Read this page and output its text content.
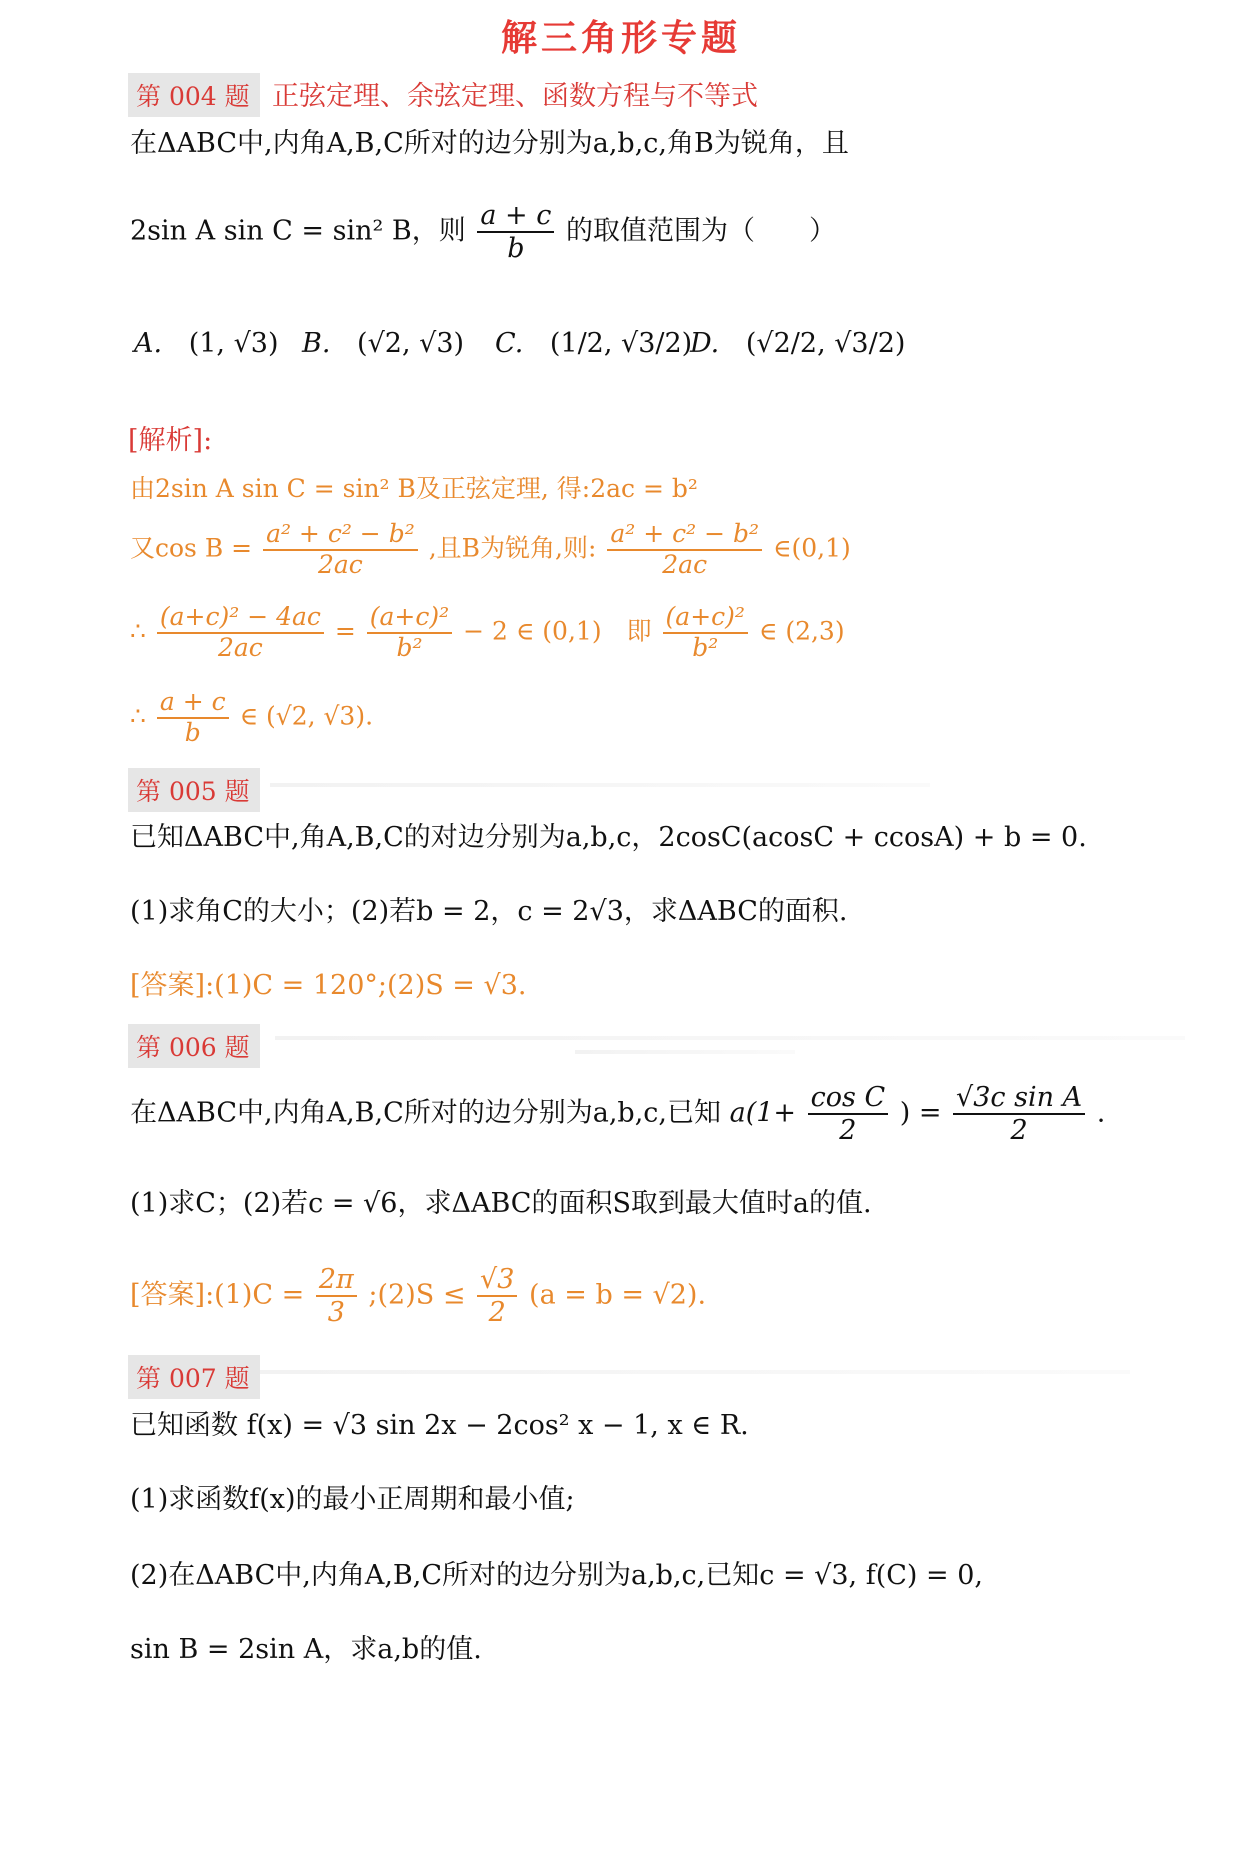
解三角形专题
第 004 题 正弦定理、余弦定理、函数方程与不等式
在ΔABC中,内角A,B,C所对的边分别为a,b,c,角B为锐角，且
2sin A sin C = sin² B，则 $\frac{a + c}{b}$ 的取值范围为（　　）
A. (1, √3) B. (√2, √3) C. (1/2, √3/2)
D. (√2/2, √3/2)
[解析]:
由2sin A sin C = sin² B及正弦定理, 得:2ac = b²
又$\cos B = \frac{\text{a² + c² − b²}}{2ac}$ ,且B为锐角,则: $\frac{\text{a² + c² − b²}}{2ac}$ ∈(0,1)
∴ $\frac{\text{(a+c)² − 4ac}}{2ac} = \frac{\text{(a+c)²}}{\text{b²}} - 2$ ∈ (0,1)　即 $\frac{\text{(a+c)²}}{\text{b²}}$ ∈ (2,3)
∴ $\frac{a + c}{b}$ ∈ (√2, √3).
第 005 题
已知ΔABC中,角A,B,C的对边分别为a,b,c，2cosC(acosC + ccosA) + b = 0.
(1)求角C的大小；(2)若b = 2，c = 2√3，求ΔABC的面积.
[答案]:(1)C = 120°;(2)S = √3.
第 006 题
在ΔABC中,内角A,B,C所对的边分别为a,b,c,已知 $a(1+ \frac{\text{cos C}}{2}$ ) = $\frac{\text{√3c sin A}}{2}$ .
(1)求C；(2)若c = √6，求ΔABC的面积S取到最大值时a的值.
[答案]:(1)C = $\frac{2\pi}{3}$ ;(2)S ≤ $\frac{√3}{2} (a = b = √2)$.
第 007 题
已知函数 f(x) = √3 sin 2x − 2cos² x − 1, x ∈ R.
(1)求函数f(x)的最小正周期和最小值;
(2)在ΔABC中,内角A,B,C所对的边分别为a,b,c,已知c = √3, f(C) = 0,
sin B = 2sin A，求a,b的值.
